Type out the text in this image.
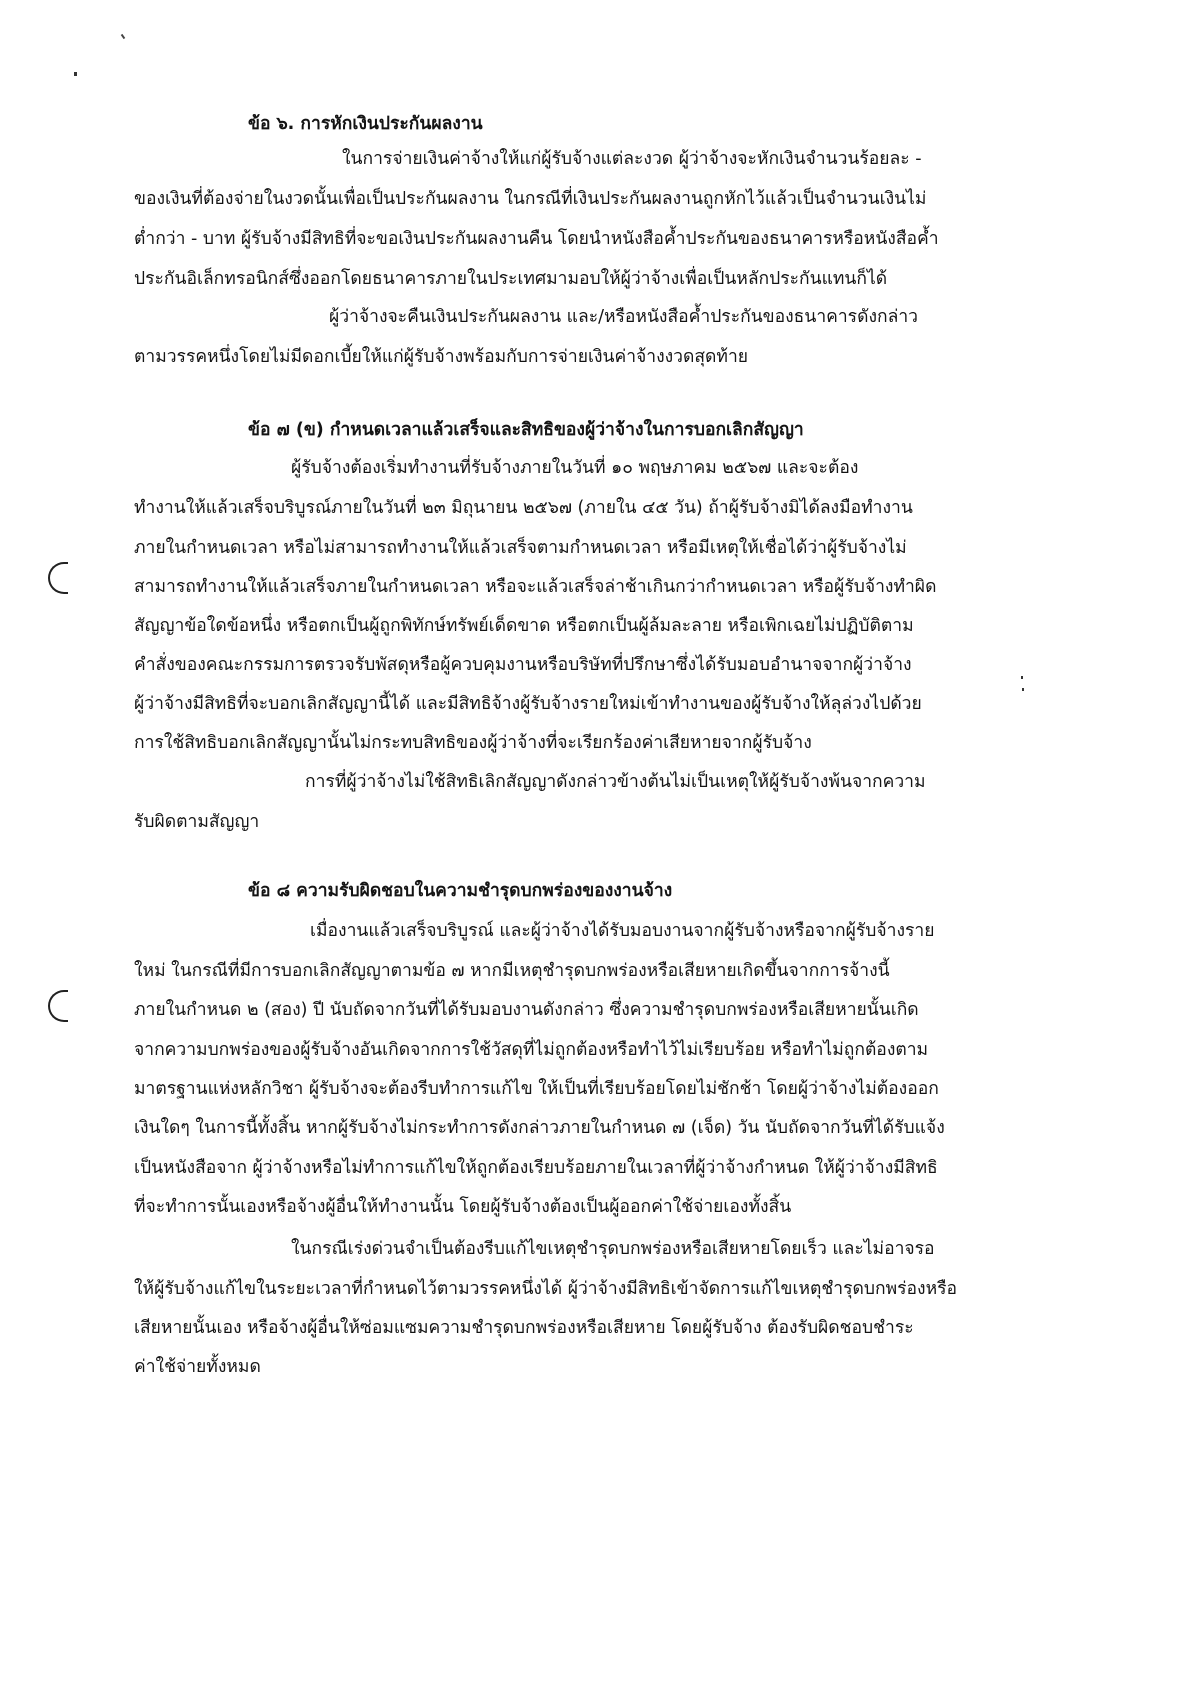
ข้อ ๖. การหักเงินประกันผลงาน
ในการจ่ายเงินค่าจ้างให้แก่ผู้รับจ้างแต่ละงวด ผู้ว่าจ้างจะหักเงินจำนวนร้อยละ -
ของเงินที่ต้องจ่ายในงวดนั้นเพื่อเป็นประกันผลงาน ในกรณีที่เงินประกันผลงานถูกหักไว้แล้วเป็นจำนวนเงินไม่
ต่ำกว่า - บาท ผู้รับจ้างมีสิทธิที่จะขอเงินประกันผลงานคืน โดยนำหนังสือค้ำประกันของธนาคารหรือหนังสือค้ำ
ประกันอิเล็กทรอนิกส์ซึ่งออกโดยธนาคารภายในประเทศมามอบให้ผู้ว่าจ้างเพื่อเป็นหลักประกันแทนก็ได้
ผู้ว่าจ้างจะคืนเงินประกันผลงาน และ/หรือหนังสือค้ำประกันของธนาคารดังกล่าว
ตามวรรคหนึ่งโดยไม่มีดอกเบี้ยให้แก่ผู้รับจ้างพร้อมกับการจ่ายเงินค่าจ้างงวดสุดท้าย
ข้อ ๗ (ข) กำหนดเวลาแล้วเสร็จและสิทธิของผู้ว่าจ้างในการบอกเลิกสัญญา
ผู้รับจ้างต้องเริ่มทำงานที่รับจ้างภายในวันที่ ๑๐ พฤษภาคม ๒๕๖๗ และจะต้อง
ทำงานให้แล้วเสร็จบริบูรณ์ภายในวันที่ ๒๓ มิถุนายน ๒๕๖๗ (ภายใน ๔๕ วัน) ถ้าผู้รับจ้างมิได้ลงมือทำงาน
ภายในกำหนดเวลา หรือไม่สามารถทำงานให้แล้วเสร็จตามกำหนดเวลา หรือมีเหตุให้เชื่อได้ว่าผู้รับจ้างไม่
สามารถทำงานให้แล้วเสร็จภายในกำหนดเวลา หรือจะแล้วเสร็จล่าช้าเกินกว่ากำหนดเวลา หรือผู้รับจ้างทำผิด
สัญญาข้อใดข้อหนึ่ง หรือตกเป็นผู้ถูกพิทักษ์ทรัพย์เด็ดขาด หรือตกเป็นผู้ล้มละลาย หรือเพิกเฉยไม่ปฏิบัติตาม
คำสั่งของคณะกรรมการตรวจรับพัสดุหรือผู้ควบคุมงานหรือบริษัทที่ปรึกษาซึ่งได้รับมอบอำนาจจากผู้ว่าจ้าง
ผู้ว่าจ้างมีสิทธิที่จะบอกเลิกสัญญานี้ได้ และมีสิทธิจ้างผู้รับจ้างรายใหม่เข้าทำงานของผู้รับจ้างให้ลุล่วงไปด้วย
การใช้สิทธิบอกเลิกสัญญานั้นไม่กระทบสิทธิของผู้ว่าจ้างที่จะเรียกร้องค่าเสียหายจากผู้รับจ้าง
การที่ผู้ว่าจ้างไม่ใช้สิทธิเลิกสัญญาดังกล่าวข้างต้นไม่เป็นเหตุให้ผู้รับจ้างพ้นจากความ
รับผิดตามสัญญา
ข้อ ๘ ความรับผิดชอบในความชำรุดบกพร่องของงานจ้าง
เมื่องานแล้วเสร็จบริบูรณ์ และผู้ว่าจ้างได้รับมอบงานจากผู้รับจ้างหรือจากผู้รับจ้างราย
ใหม่ ในกรณีที่มีการบอกเลิกสัญญาตามข้อ ๗ หากมีเหตุชำรุดบกพร่องหรือเสียหายเกิดขึ้นจากการจ้างนี้
ภายในกำหนด ๒ (สอง) ปี นับถัดจากวันที่ได้รับมอบงานดังกล่าว ซึ่งความชำรุดบกพร่องหรือเสียหายนั้นเกิด
จากความบกพร่องของผู้รับจ้างอันเกิดจากการใช้วัสดุที่ไม่ถูกต้องหรือทำไว้ไม่เรียบร้อย หรือทำไม่ถูกต้องตาม
มาตรฐานแห่งหลักวิชา ผู้รับจ้างจะต้องรีบทำการแก้ไข ให้เป็นที่เรียบร้อยโดยไม่ชักช้า โดยผู้ว่าจ้างไม่ต้องออก
เงินใดๆ ในการนี้ทั้งสิ้น หากผู้รับจ้างไม่กระทำการดังกล่าวภายในกำหนด ๗ (เจ็ด) วัน นับถัดจากวันที่ได้รับแจ้ง
เป็นหนังสือจาก ผู้ว่าจ้างหรือไม่ทำการแก้ไขให้ถูกต้องเรียบร้อยภายในเวลาที่ผู้ว่าจ้างกำหนด ให้ผู้ว่าจ้างมีสิทธิ
ที่จะทำการนั้นเองหรือจ้างผู้อื่นให้ทำงานนั้น โดยผู้รับจ้างต้องเป็นผู้ออกค่าใช้จ่ายเองทั้งสิ้น
ในกรณีเร่งด่วนจำเป็นต้องรีบแก้ไขเหตุชำรุดบกพร่องหรือเสียหายโดยเร็ว และไม่อาจรอ
ให้ผู้รับจ้างแก้ไขในระยะเวลาที่กำหนดไว้ตามวรรคหนึ่งได้ ผู้ว่าจ้างมีสิทธิเข้าจัดการแก้ไขเหตุชำรุดบกพร่องหรือ
เสียหายนั้นเอง หรือจ้างผู้อื่นให้ซ่อมแซมความชำรุดบกพร่องหรือเสียหาย โดยผู้รับจ้าง ต้องรับผิดชอบชำระ
ค่าใช้จ่ายทั้งหมด
